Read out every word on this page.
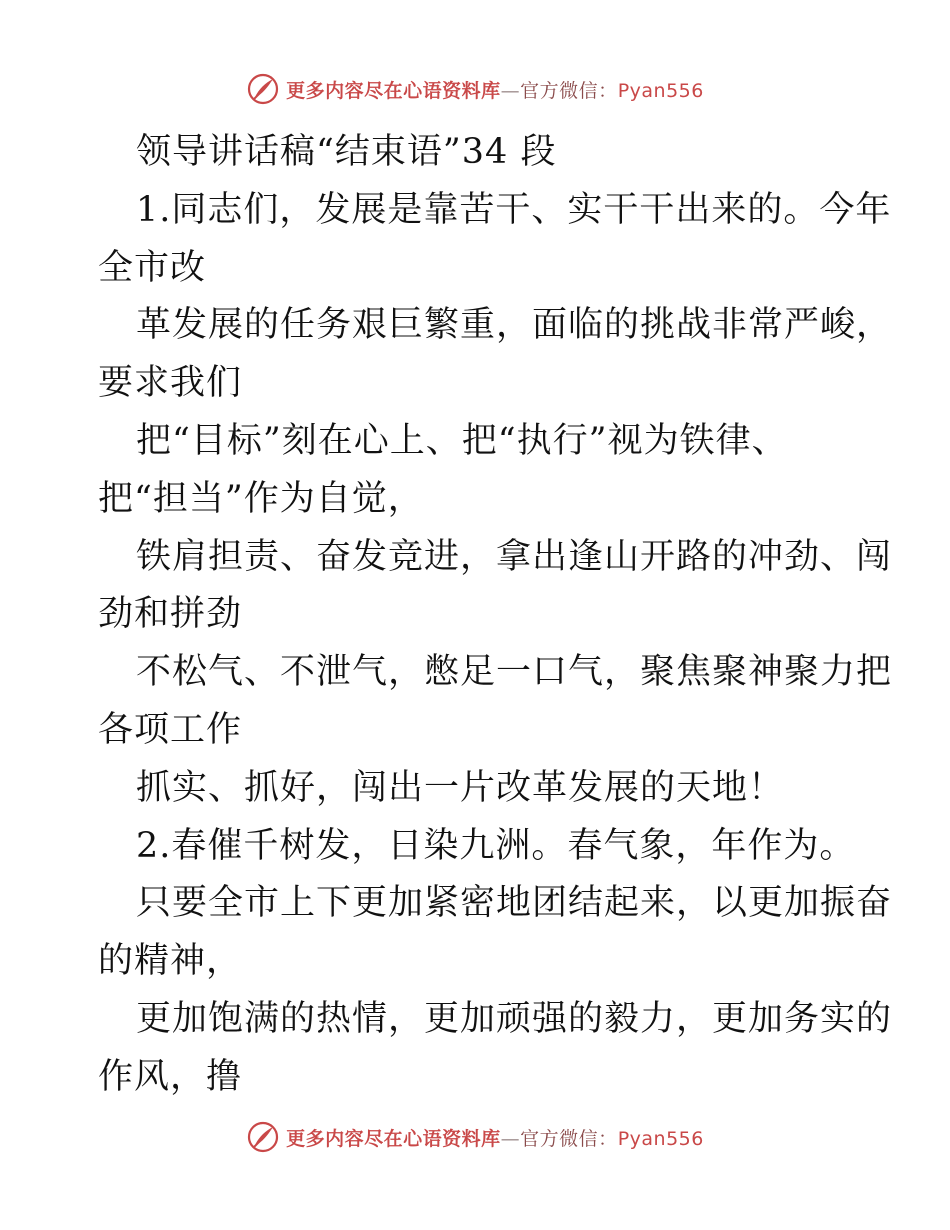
更多内容尽在心语资料库—官方微信：Pyan556
领导讲话稿“结束语”34 段
1.同志们，发展是靠苦干、实干干出来的。今年
全市改
革发展的任务艰巨繁重，面临的挑战非常严峻，
要求我们
把“目标”刻在心上、把“执行”视为铁律、
把“担当”作为自觉，
铁肩担责、奋发竞进，拿出逢山开路的冲劲、闯
劲和拼劲
不松气、不泄气，憋足一口气，聚焦聚神聚力把
各项工作
抓实、抓好，闯出一片改革发展的天地！
2.春催千树发，日染九洲。春气象，年作为。
只要全市上下更加紧密地团结起来，以更加振奋
的精神，
更加饱满的热情，更加顽强的毅力，更加务实的
作风，撸
更多内容尽在心语资料库—官方微信：Pyan556
